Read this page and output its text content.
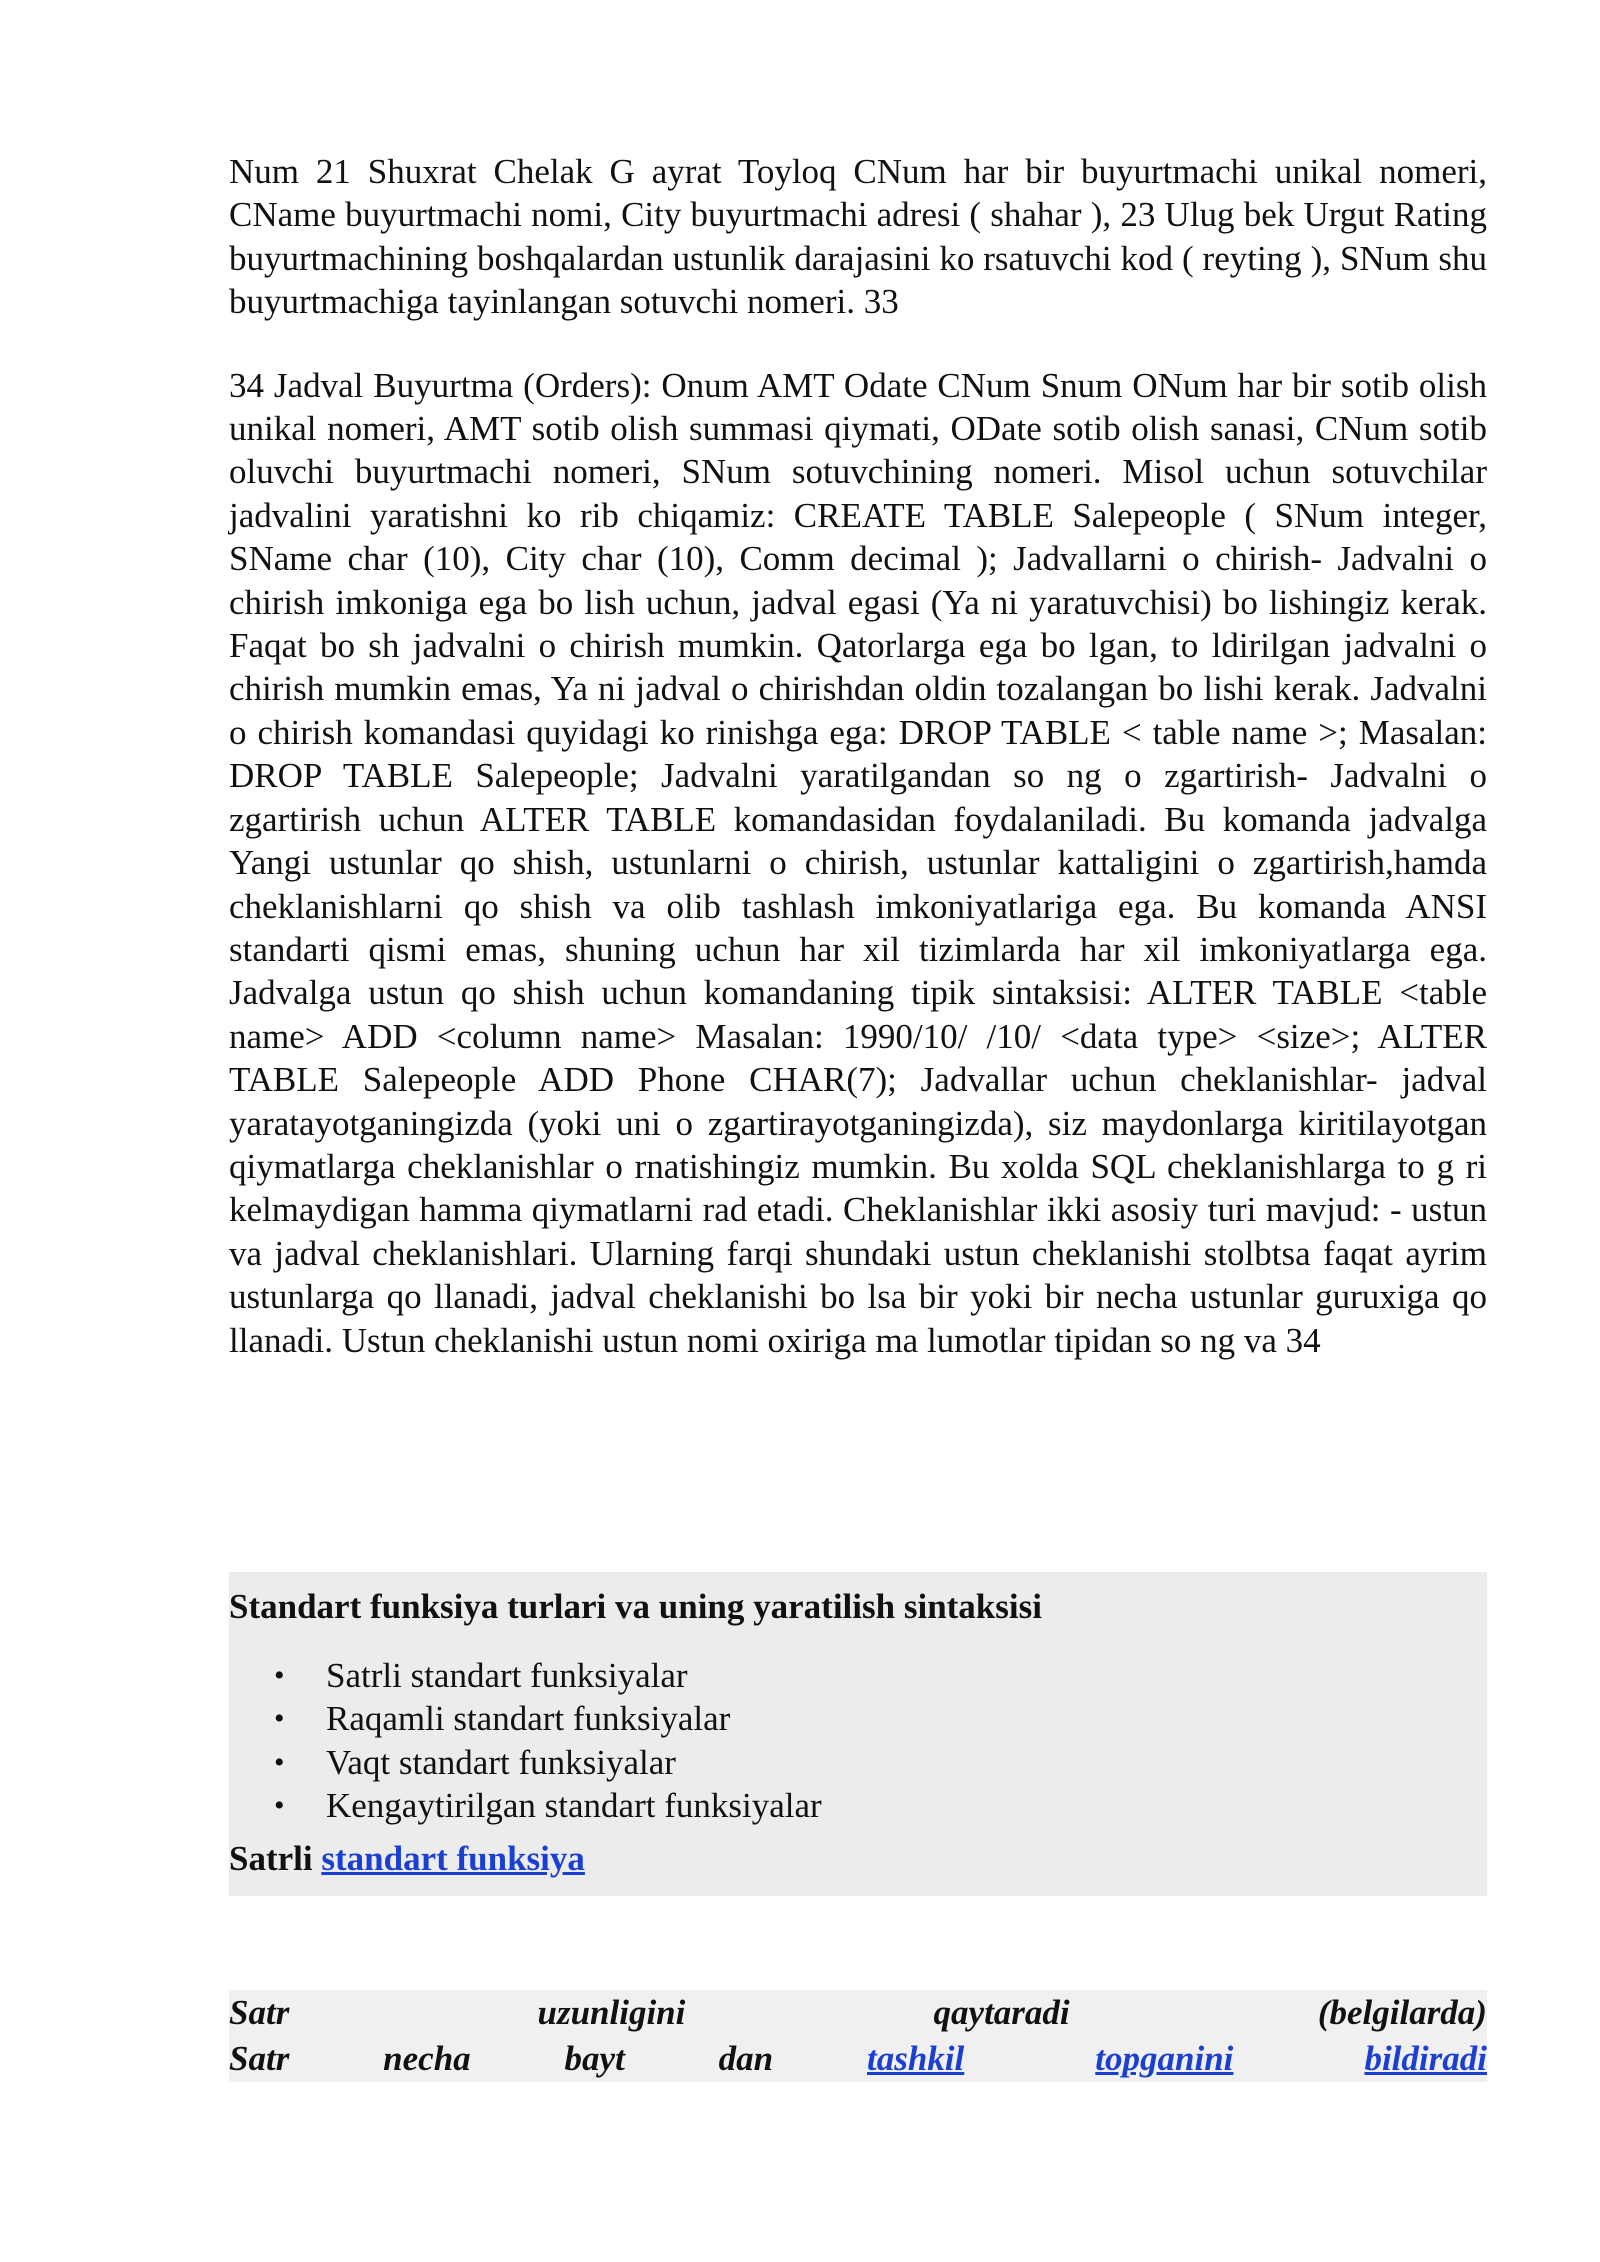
Num 21 Shuxrat Chelak G ayrat Toyloq CNum har bir buyurtmachi unikal nomeri, CName buyurtmachi nomi, City buyurtmachi adresi ( shahar ), 23 Ulug bek Urgut Rating buyurtmachining boshqalardan ustunlik darajasini ko rsatuvchi kod ( reyting ), SNum shu buyurtmachiga tayinlangan sotuvchi nomeri. 33

34 Jadval Buyurtma (Orders): Onum AMT Odate CNum Snum ONum har bir sotib olish unikal nomeri, AMT sotib olish summasi qiymati, ODate sotib olish sanasi, CNum sotib oluvchi buyurtmachi nomeri, SNum sotuvchining nomeri. Misol uchun sotuvchilar jadvalini yaratishni ko rib chiqamiz: CREATE TABLE Salepeople ( SNum integer, SName char (10), City char (10), Comm decimal ); Jadvallarni o chirish- Jadvalni o chirish imkoniga ega bo lish uchun, jadval egasi (Ya ni yaratuvchisi) bo lishingiz kerak. Faqat bo sh jadvalni o chirish mumkin. Qatorlarga ega bo lgan, to ldirilgan jadvalni o chirish mumkin emas, Ya ni jadval o chirishdan oldin tozalangan bo lishi kerak. Jadvalni o chirish komandasi quyidagi ko rinishga ega: DROP TABLE < table name >; Masalan: DROP TABLE Salepeople; Jadvalni yaratilgandan so ng o zgartirish- Jadvalni o zgartirish uchun ALTER TABLE komandasidan foydalaniladi. Bu komanda jadvalga Yangi ustunlar qo shish, ustunlarni o chirish, ustunlar kattaligini o zgartirish,hamda cheklanishlarni qo shish va olib tashlash imkoniyatlariga ega. Bu komanda ANSI standarti qismi emas, shuning uchun har xil tizimlarda har xil imkoniyatlarga ega. Jadvalga ustun qo shish uchun komandaning tipik sintaksisi: ALTER TABLE <table name> ADD <column name> Masalan: 1990/10/ /10/ <data type> <size>; ALTER TABLE Salepeople ADD Phone CHAR(7); Jadvallar uchun cheklanishlar- jadval yaratayotganingizda (yoki uni o zgartirayotganingizda), siz maydonlarga kiritilayotgan qiymatlarga cheklanishlar o rnatishingiz mumkin. Bu xolda SQL cheklanishlarga to g ri kelmaydigan hamma qiymatlarni rad etadi. Cheklanishlar ikki asosiy turi mavjud: - ustun va jadval cheklanishlari. Ularning farqi shundaki ustun cheklanishi stolbtsa faqat ayrim ustunlarga qo llanadi, jadval cheklanishi bo lsa bir yoki bir necha ustunlar guruxiga qo llanadi. Ustun cheklanishi ustun nomi oxiriga ma lumotlar tipidan so ng va 34

Standart funksiya turlari va uning yaratilish sintaksisi
• Satrli standart funksiyalar
• Raqamli standart funksiyalar
• Vaqt standart funksiyalar
• Kengaytirilgan standart funksiyalar
Satrli standart funksiya
Satr	uzunligini	qaytaradi	(belgilarda)
Satr	necha	bayt	dan	tashkil	topganini	bildiradi
